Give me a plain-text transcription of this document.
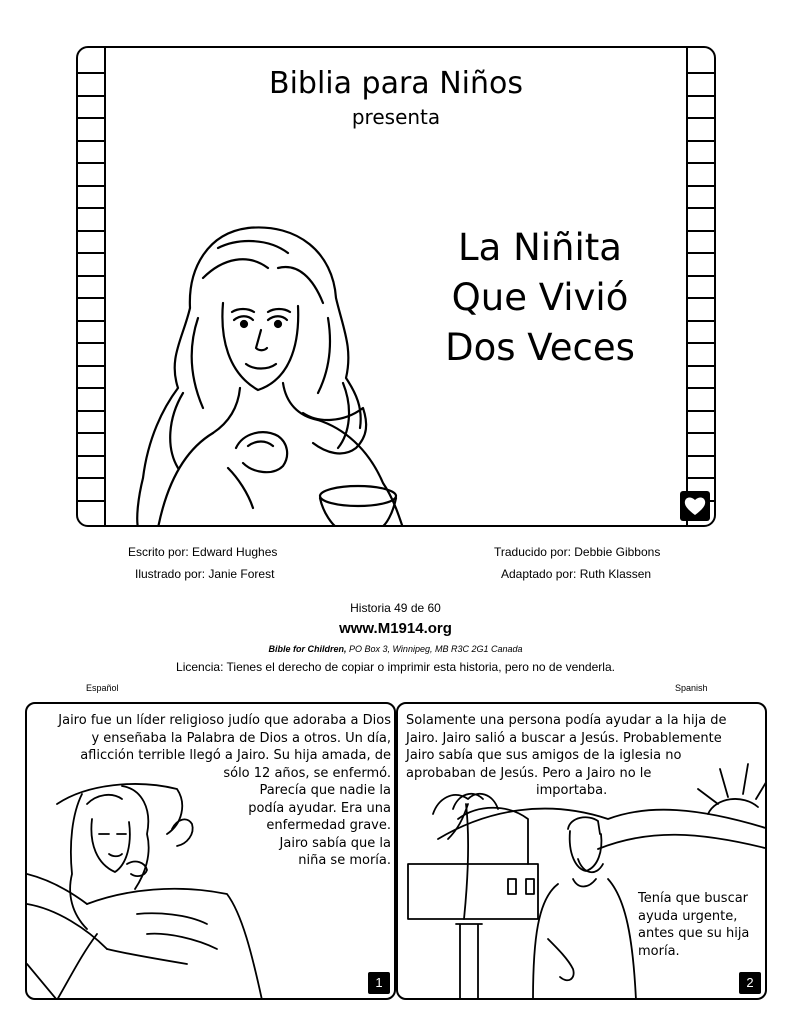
Biblia para Niños
presenta
La Niñita
Que Vivió
Dos Veces
Escrito por: Edward Hughes
Ilustrado por: Janie Forest
Traducido por: Debbie Gibbons
Adaptado por: Ruth Klassen
Historia 49 de 60
www.M1914.org
Bible for Children, PO Box 3, Winnipeg, MB R3C 2G1 Canada
Licencia: Tienes el derecho de copiar o imprimir esta historia, pero no de venderla.
Español	Spanish
Jairo fue un líder religioso judío que adoraba a Dios
y enseñaba la Palabra de Dios a otros. Un día,
aflicción terrible llegó a Jairo. Su hija amada, de
sólo 12 años, se enfermó.
Parecía que nadie la
podía ayudar. Era una
enfermedad grave.
Jairo sabía que la
niña se moría.
1
Solamente una persona podía ayudar a la hija de
Jairo. Jairo salió a buscar a Jesús. Probablemente
Jairo sabía que sus amigos de la iglesia no
aprobaban de Jesús. Pero a Jairo no le
importaba.
Tenía que buscar
ayuda urgente,
antes que su hija
moría.
2
